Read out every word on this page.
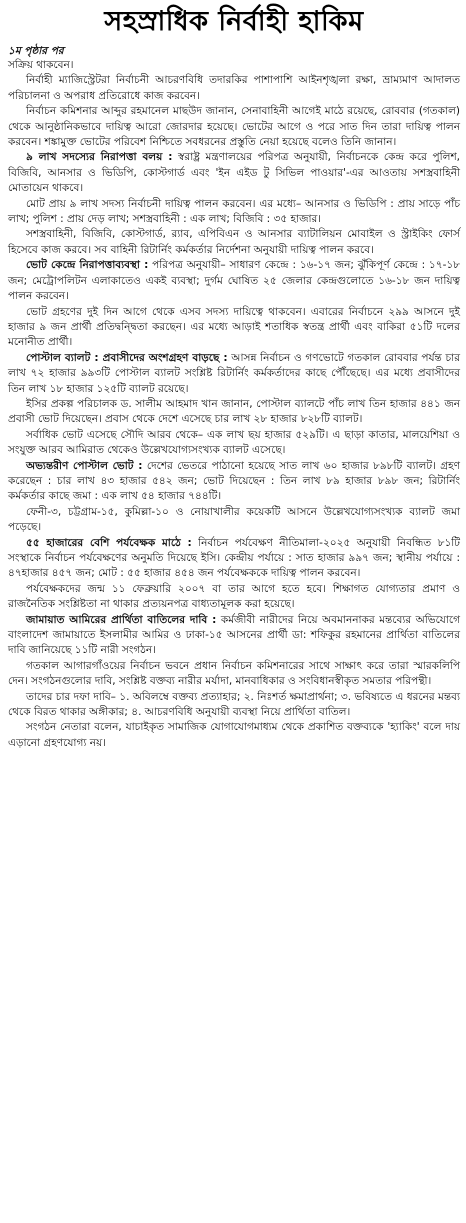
সহস্রাধিক নির্বাহী হাকিম

১ম পৃষ্ঠার পর

সক্রিয় থাকবেন।

নির্বাহী ম্যাজিস্ট্রেটরা নির্বাচনী আচরণবিধি তদারকির পাশাপাশি আইনশৃঙ্খলা রক্ষা, ভ্রাম্যমাণ আদালত পরিচালনা ও অপরাধ প্রতিরোধে কাজ করবেন।

নির্বাচন কমিশনার আব্দুর রহমানেল মাছউদ জানান, সেনাবাহিনী আগেই মাঠে রয়েছে, রোববার (গতকাল) থেকে আনুষ্ঠানিকভাবে দায়িত্ব আরো জোরদার হয়েছে। ভোটের আগে ও পরে সাত দিন তারা দায়িত্ব পালন করবেন। শঙ্কামুক্ত ভোটের পরিবেশ নিশ্চিতে সবধরনের প্রস্তুতি নেয়া হয়েছে বলেও তিনি জানান।

৯ লাখ সদস্যের নিরাপত্তা বলয় : স্বরাষ্ট্র মন্ত্রণালয়ের পরিপত্র অনুযায়ী, নির্বাচনকে কেন্দ্র করে পুলিশ, বিজিবি, আনসার ও ভিডিপি, কোস্টগার্ড এবং 'ইন এইড টু সিভিল পাওয়ার'-এর আওতায় সশস্ত্রবাহিনী মোতায়েন থাকবে।

মোট প্রায় ৯ লাখ সদস্য নির্বাচনী দায়িত্ব পালন করবেন। এর মধ্যে– আনসার ও ভিডিপি : প্রায় সাড়ে পাঁচ লাখ; পুলিশ : প্রায় দেড় লাখ; সশস্ত্রবাহিনী : এক লাখ; বিজিবি : ৩৫ হাজার।

সশস্ত্রবাহিনী, বিজিবি, কোস্টগার্ড, র‍্যাব, এপিবিএন ও আনসার ব্যাটালিয়ন মোবাইল ও স্ট্রাইকিং ফোর্স হিসেবে কাজ করবে। সব বাহিনী রিটার্নিং কর্মকর্তার নির্দেশনা অনুযায়ী দায়িত্ব পালন করবে।

ভোট কেন্দ্রে নিরাপত্তাব্যবস্থা : পরিপত্র অনুযায়ী– সাধারণ কেন্দ্রে : ১৬-১৭ জন; ঝুঁকিপূর্ণ কেন্দ্রে : ১৭-১৮ জন; মেট্রোপলিটন এলাকাতেও একই ব্যবস্থা; দুর্গম ঘোষিত ২৫ জেলার কেন্দ্রগুলোতে ১৬-১৮ জন দায়িত্ব পালন করবেন।

ভোট গ্রহণের দুই দিন আগে থেকে এসব সদস্য দায়িত্বে থাকবেন। এবারের নির্বাচনে ২৯৯ আসনে দুই হাজার ৯ জন প্রার্থী প্রতিদ্বন্দ্বিতা করছেন। এর মধ্যে আড়াই শতাধিক স্বতন্ত্র প্রার্থী এবং বাকিরা ৫১টি দলের মনোনীত প্রার্থী।

পোস্টাল ব্যালট : প্রবাসীদের অংশগ্রহণ বাড়ছে : আসন্ন নির্বাচন ও গণভোটে গতকাল রোববার পর্যন্ত চার লাখ ৭২ হাজার ৯৯৩টি পোস্টাল ব্যালট সংশ্লিষ্ট রিটার্নিং কর্মকর্তাদের কাছে পৌঁছেছে। এর মধ্যে প্রবাসীদের তিন লাখ ১৮ হাজার ১২৫টি ব্যালট রয়েছে।

ইসির প্রকল্প পরিচালক ড. সালীম আহমাদ খান জানান, পোস্টাল ব্যালটে পাঁচ লাখ তিন হাজার ৪৪১ জন প্রবাসী ভোট দিয়েছেন। প্রবাস থেকে দেশে এসেছে চার লাখ ২৮ হাজার ৮২৮টি ব্যালট।

সর্বাধিক ভোট এসেছে সৌদি আরব থেকে– এক লাখ ছয় হাজার ৫২৯টি। এ ছাড়া কাতার, মালয়েশিয়া ও সংযুক্ত আরব আমিরাত থেকেও উল্লেখযোগ্যসংখ্যক ব্যালট এসেছে।

অভ্যন্তরীণ পোস্টাল ভোট : দেশের ভেতরে পাঠানো হয়েছে সাত লাখ ৬০ হাজার ৮৯৮টি ব্যালট। গ্রহণ করেছেন : চার লাখ ৪৩ হাজার ৫৪২ জন; ভোট দিয়েছেন : তিন লাখ ৮৯ হাজার ৮৯৮ জন; রিটার্নিং কর্মকর্তার কাছে জমা : এক লাখ ৫৪ হাজার ৭৪৪টি।

ফেনী-৩, চট্টগ্রাম-১৫, কুমিল্লা-১০ ও নোয়াখালীর কয়েকটি আসনে উল্লেখযোগ্যসংখ্যক ব্যালট জমা পড়েছে।

৫৫ হাজারের বেশি পর্যবেক্ষক মাঠে : নির্বাচন পর্যবেক্ষণ নীতিমালা-২০২৫ অনুযায়ী নিবন্ধিত ৮১টি সংস্থাকে নির্বাচন পর্যবেক্ষণের অনুমতি দিয়েছে ইসি। কেন্দ্রীয় পর্যায়ে : সাত হাজার ৯৯৭ জন; স্থানীয় পর্যায়ে : ৪৭হাজার ৪৫৭ জন; মোট : ৫৫ হাজার ৪৫৪ জন পর্যবেক্ষককে দায়িত্ব পালন করবেন।

পর্যবেক্ষকদের জন্ম ১১ ফেব্রুয়ারি ২০০৭ বা তার আগে হতে হবে। শিক্ষাগত যোগ্যতার প্রমাণ ও রাজনৈতিক সংশ্লিষ্টতা না থাকার প্রত্যয়নপত্র বাধ্যতামূলক করা হয়েছে।

জামায়াত আমিরের প্রার্থিতা বাতিলের দাবি : কর্মজীবী নারীদের নিয়ে অবমাননাকর মন্তব্যের অভিযোগে বাংলাদেশ জামায়াতে ইসলামীর আমির ও ঢাকা-১৫ আসনের প্রার্থী ডা: শফিকুর রহমানের প্রার্থিতা বাতিলের দাবি জানিয়েছে ১১টি নারী সংগঠন।

গতকাল আগারগাঁওয়ের নির্বাচন ভবনে প্রধান নির্বাচন কমিশনারের সাথে সাক্ষাৎ করে তারা স্মারকলিপি দেন। সংগঠনগুলোর দাবি, সংশ্লিষ্ট বক্তব্য নারীর মর্যাদা, মানবাধিকার ও সংবিধানস্বীকৃত সমতার পরিপন্থী।

তাদের চার দফা দাবি– ১. অবিলম্বে বক্তব্য প্রত্যাহার; ২. নিঃশর্ত ক্ষমাপ্রার্থনা; ৩. ভবিষ্যতে এ ধরনের মন্তব্য থেকে বিরত থাকার অঙ্গীকার; ৪. আচরণবিধি অনুযায়ী ব্যবস্থা নিয়ে প্রার্থিতা বাতিল।

সংগঠন নেতারা বলেন, যাচাইকৃত সামাজিক যোগাযোগমাধ্যম থেকে প্রকাশিত বক্তব্যকে 'হ্যাকিং' বলে দায় এড়ানো গ্রহণযোগ্য নয়।
